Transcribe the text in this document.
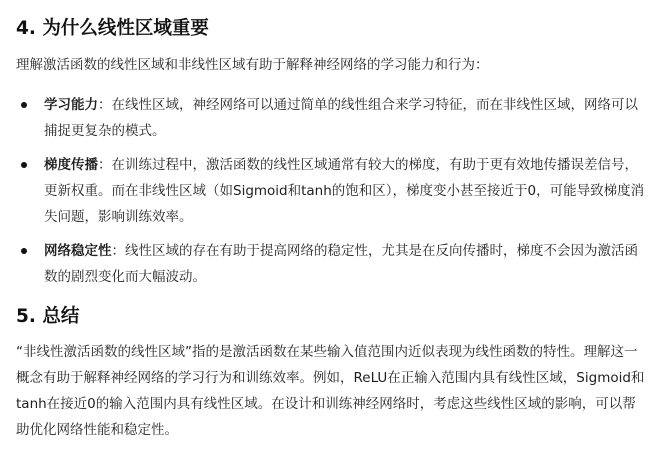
4. 为什么线性区域重要

理解激活函数的线性区域和非线性区域有助于解释神经网络的学习能力和行为：

学习能力：在线性区域，神经网络可以通过简单的线性组合来学习特征，而在非线性区域，网络可以捕捉更复杂的模式。
梯度传播：在训练过程中，激活函数的线性区域通常有较大的梯度，有助于更有效地传播误差信号，更新权重。而在非线性区域（如Sigmoid和tanh的饱和区），梯度变小甚至接近于0，可能导致梯度消失问题，影响训练效率。
网络稳定性：线性区域的存在有助于提高网络的稳定性，尤其是在反向传播时，梯度不会因为激活函数的剧烈变化而大幅波动。
5. 总结

“非线性激活函数的线性区域”指的是激活函数在某些输入值范围内近似表现为线性函数的特性。理解这一概念有助于解释神经网络的学习行为和训练效率。例如，ReLU在正输入范围内具有线性区域，Sigmoid和tanh在接近0的输入范围内具有线性区域。在设计和训练神经网络时，考虑这些线性区域的影响，可以帮助优化网络性能和稳定性。
